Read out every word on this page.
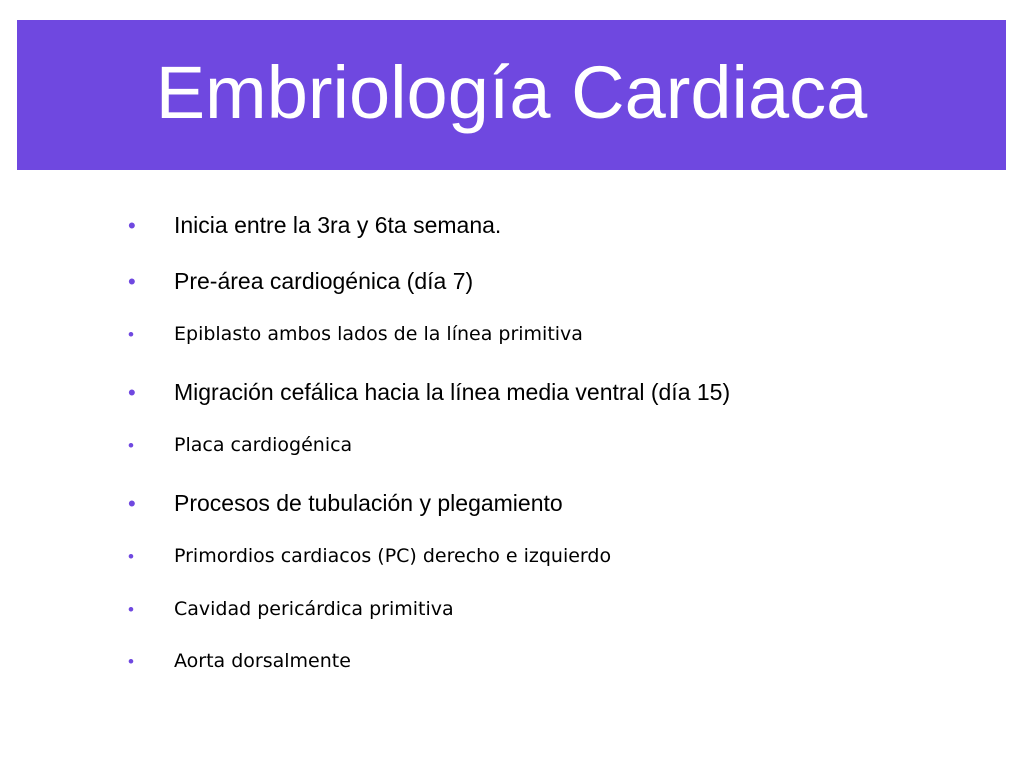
Embriología Cardiaca
•	Inicia entre la 3ra y 6ta semana.
•	Pre-área cardiogénica (día 7)
•	Epiblasto ambos lados de la línea primitiva
•	Migración cefálica hacia la línea media ventral (día 15)
•	Placa cardiogénica
•	Procesos de tubulación y plegamiento
•	Primordios cardiacos (PC) derecho e izquierdo
•	Cavidad pericárdica primitiva
•	Aorta dorsalmente
